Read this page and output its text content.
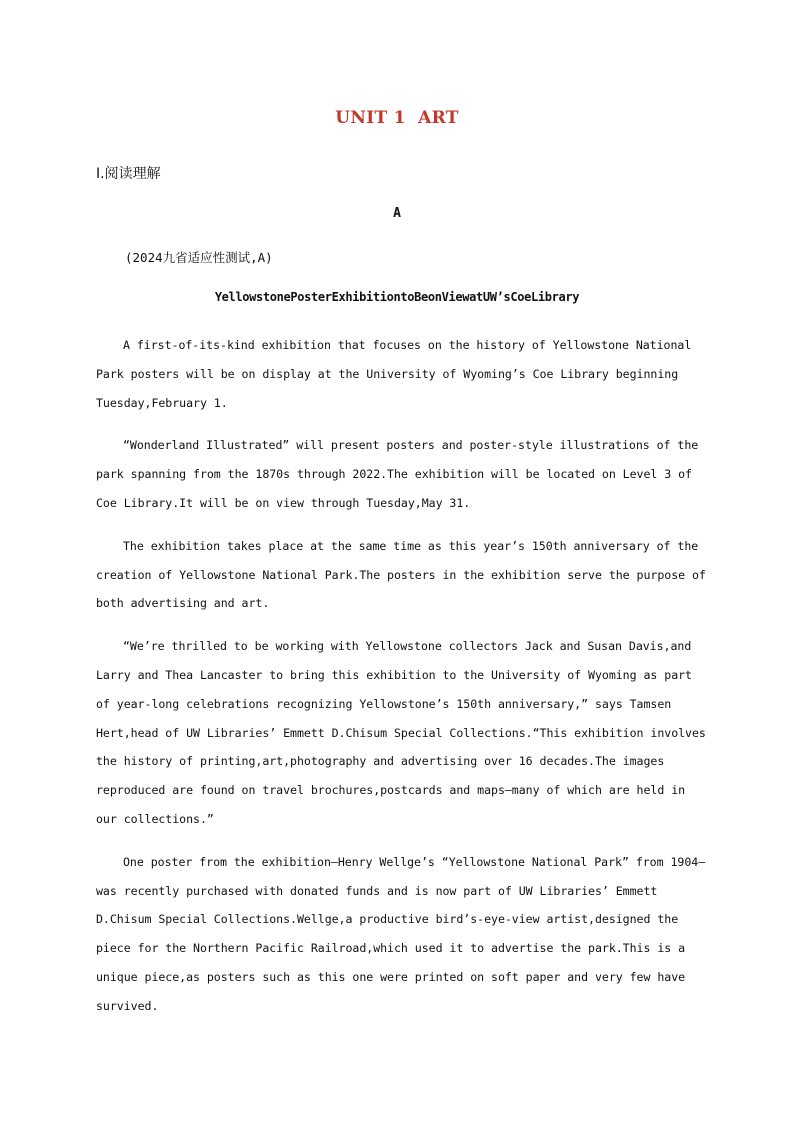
UNIT 1  ART
Ⅰ.阅读理解
A
(2024九省适应性测试,A)
YellowstonePosterExhibitiontoBeonViewatUW’sCoeLibrary

A first-of-its-kind exhibition that focuses on the history of Yellowstone National Park posters will be on display at the University of Wyoming’s Coe Library beginning Tuesday,February 1.

“Wonderland Illustrated” will present posters and poster-style illustrations of the park spanning from the 1870s through 2022.The exhibition will be located on Level 3 of Coe Library.It will be on view through Tuesday,May 31.

The exhibition takes place at the same time as this year’s 150th anniversary of the creation of Yellowstone National Park.The posters in the exhibition serve the purpose of both advertising and art.

“We’re thrilled to be working with Yellowstone collectors Jack and Susan Davis,and Larry and Thea Lancaster to bring this exhibition to the University of Wyoming as part of year-long celebrations recognizing Yellowstone’s 150th anniversary,” says Tamsen Hert,head of UW Libraries’ Emmett D.Chisum Special Collections.“This exhibition involves the history of printing,art,photography and advertising over 16 decades.The images reproduced are found on travel brochures,postcards and maps—many of which are held in our collections.”

One poster from the exhibition—Henry Wellge’s “Yellowstone National Park” from 1904—was recently purchased with donated funds and is now part of UW Libraries’ Emmett D.Chisum Special Collections.Wellge,a productive bird’s-eye-view artist,designed the piece for the Northern Pacific Railroad,which used it to advertise the park.This is a unique piece,as posters such as this one were printed on soft paper and very few have survived.
